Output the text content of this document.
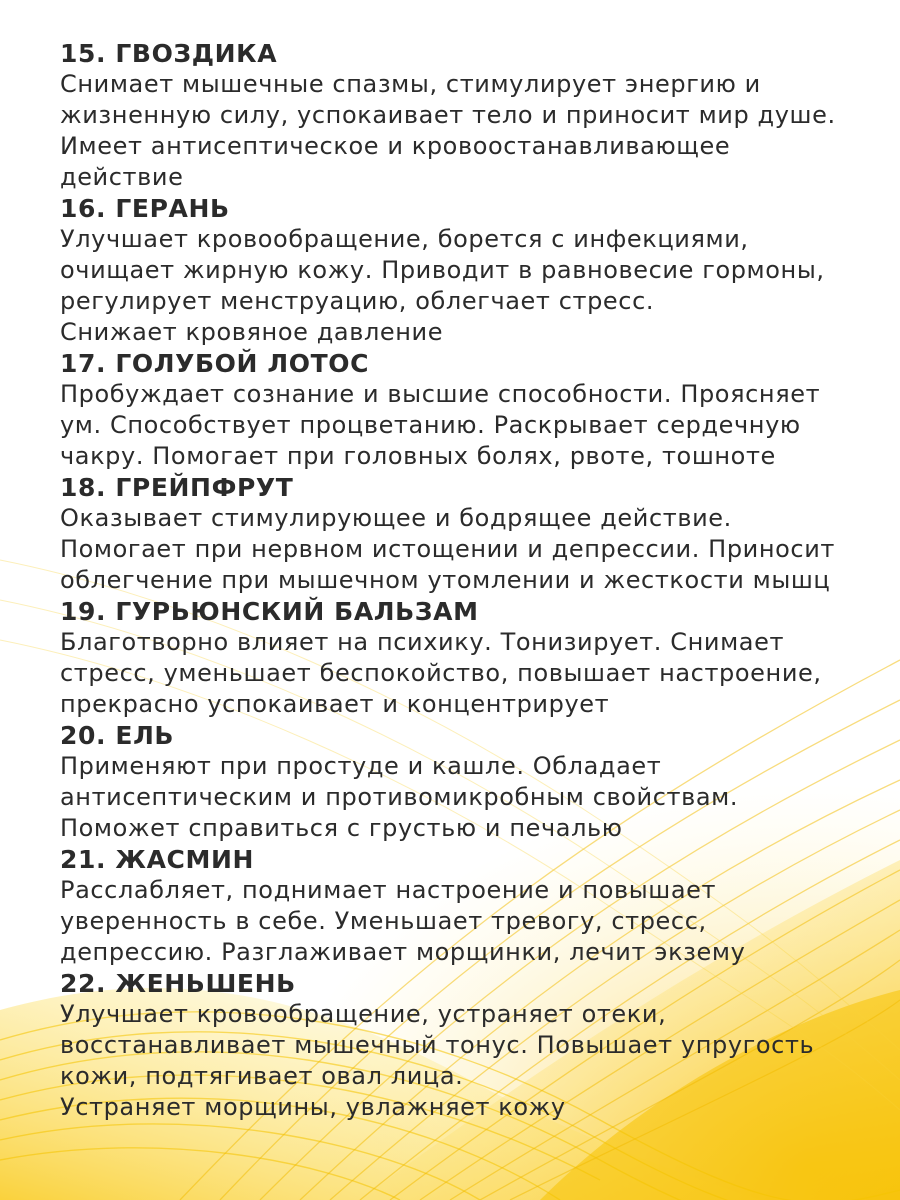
15. ГВОЗДИКА

Снимает мышечные спазмы, стимулирует энергию и

жизненную силу, успокаивает тело и приносит мир душе.

Имеет антисептическое и кровоостанавливающее

действие

16. ГЕРАНЬ

Улучшает кровообращение, борется с инфекциями,

очищает жирную кожу. Приводит в равновесие гормоны,

регулирует менструацию, облегчает стресс.

Снижает кровяное давление

17. ГОЛУБОЙ ЛОТОС

Пробуждает сознание и высшие способности. Проясняет

ум. Способствует процветанию. Раскрывает сердечную

чакру. Помогает при головных болях, рвоте, тошноте

18. ГРЕЙПФРУТ

Оказывает стимулирующее и бодрящее действие.

Помогает при нервном истощении и депрессии. Приносит

облегчение при мышечном утомлении и жесткости мышц

19. ГУРЬЮНСКИЙ БАЛЬЗАМ

Благотворно влияет на психику. Тонизирует. Снимает

стресс, уменьшает беспокойство, повышает настроение,

прекрасно успокаивает и концентрирует

20. ЕЛЬ

Применяют при простуде и кашле. Обладает

антисептическим и противомикробным свойствам.

Поможет справиться с грустью и печалью

21. ЖАСМИН

Расслабляет, поднимает настроение и повышает

уверенность в себе. Уменьшает тревогу, стресс,

депрессию. Разглаживает морщинки, лечит экзему

22. ЖЕНЬШЕНЬ

Улучшает кровообращение, устраняет отеки,

восстанавливает мышечный тонус. Повышает упругость

кожи, подтягивает овал лица.

Устраняет морщины, увлажняет кожу
